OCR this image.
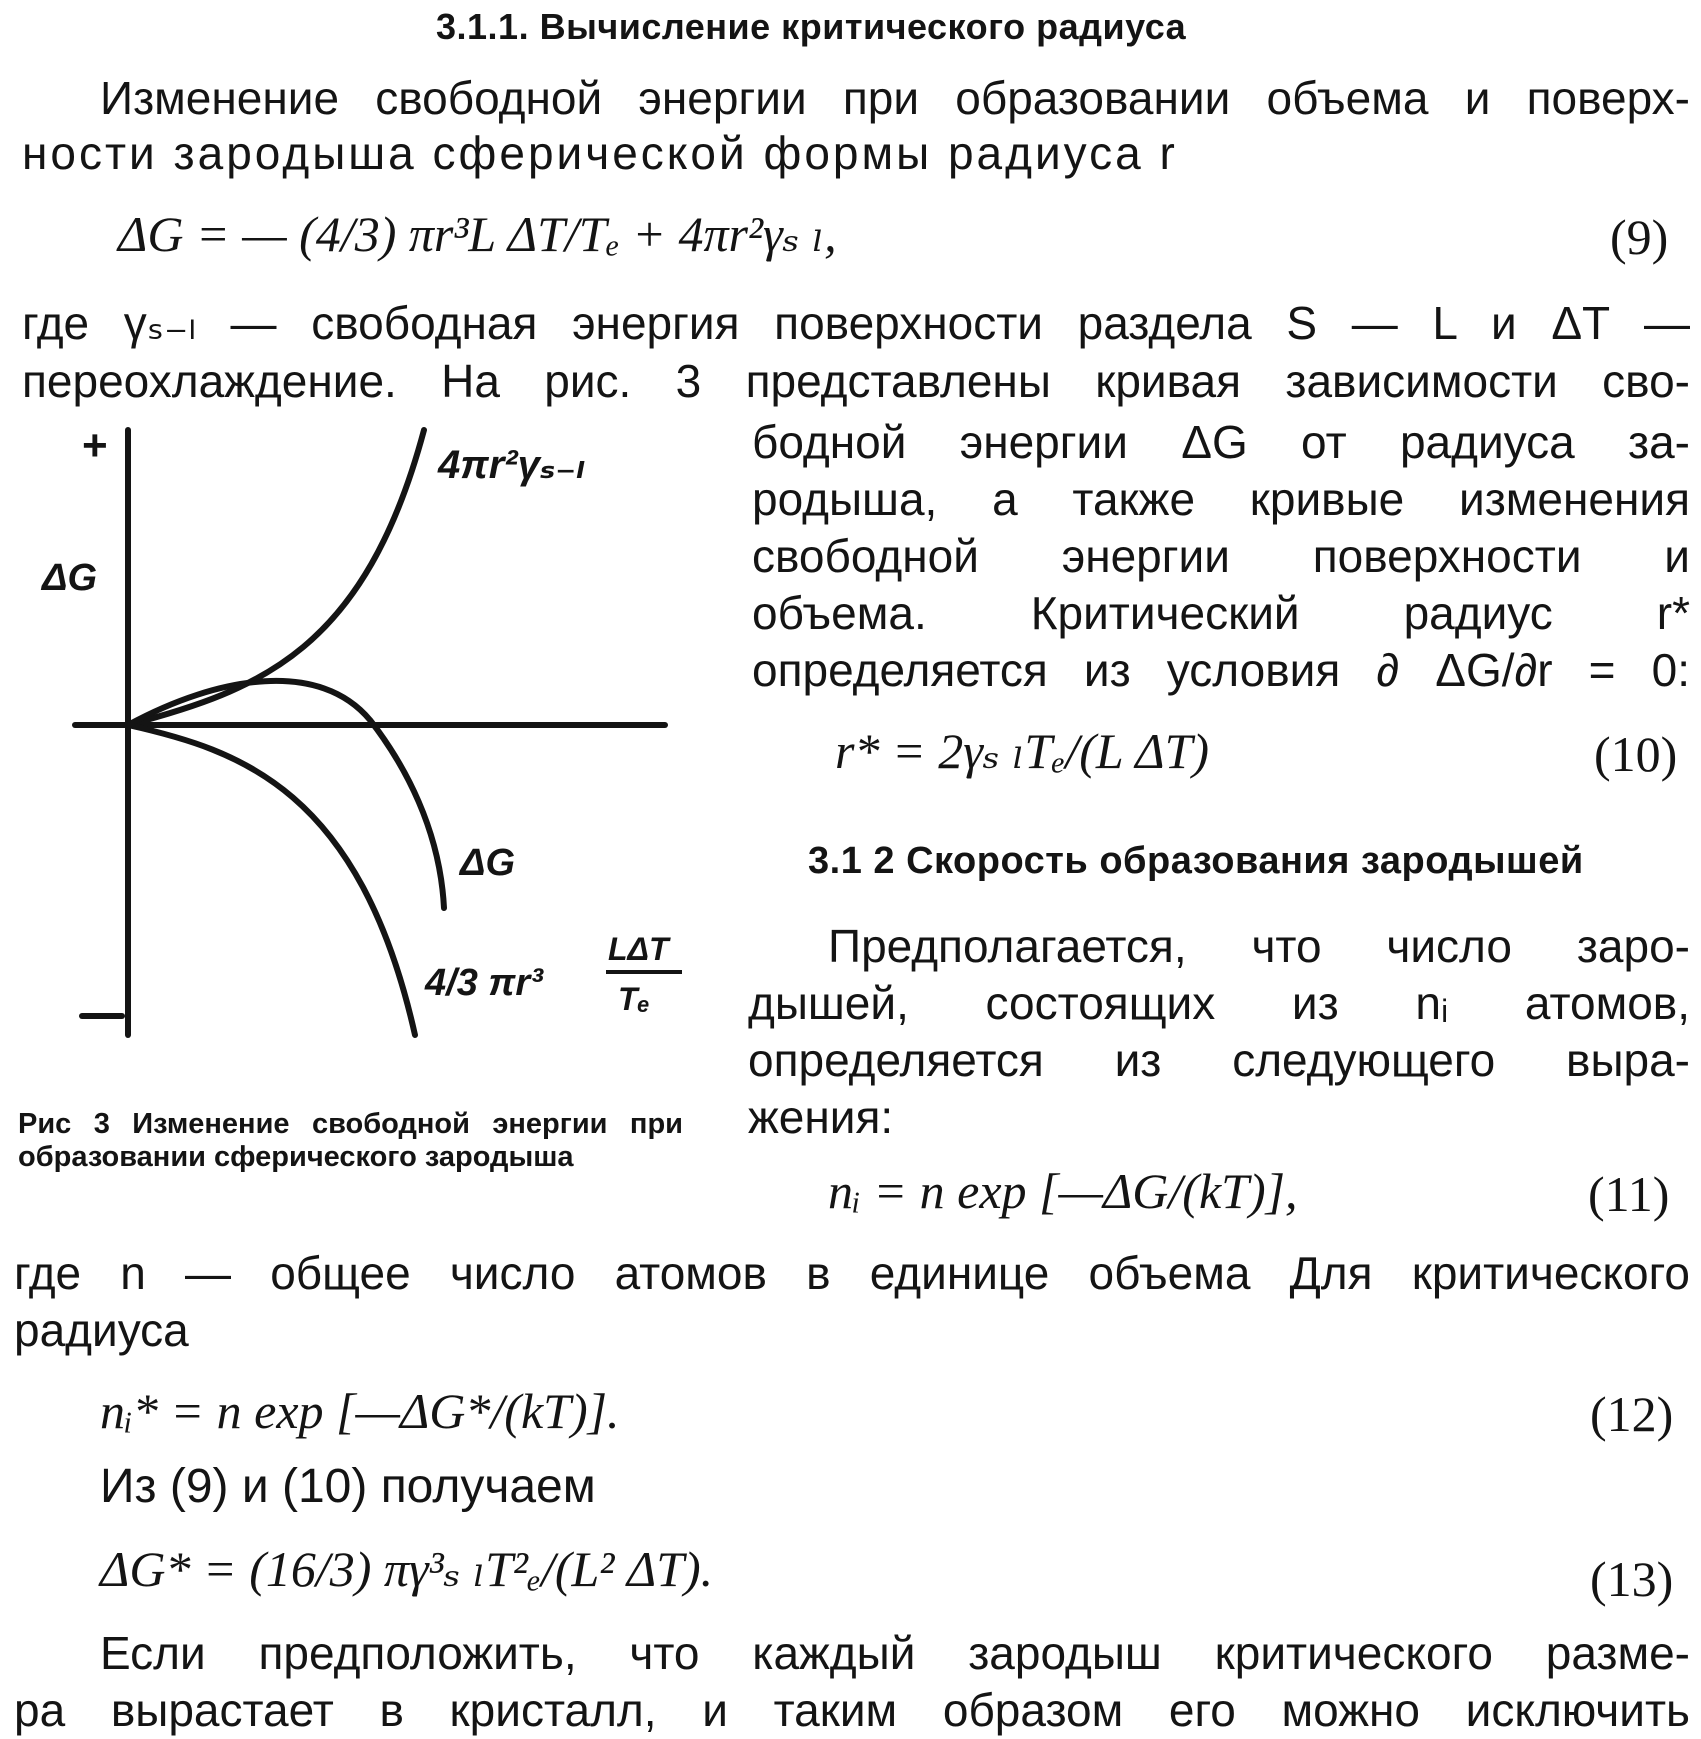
3.1.1. Вычисление критического радиуса
Изменение свободной энергии при образовании объема и поверх-
ности зародыша сферической формы радиуса r
ΔG = — (4/3) πr³L ΔT/Tₑ + 4πr²γₛ ₗ,	(9)
где γₛ₋ₗ — свободная энергия поверхности раздела S — L и ΔT —
переохлаждение. На рис. 3 представлены кривая зависимости сво-
бодной энергии ΔG от радиуса за-
родыша, а также кривые изменения
свободной энергии поверхности и
объема. Критический радиус r*
определяется из условия ∂ ΔG/∂r = 0:
r* = 2γₛ ₗTₑ/(L ΔT)	(10)
3.1 2 Скорость образования зародышей
Предполагается, что число заро-
дышей, состоящих из nᵢ атомов,
определяется из следующего выра-
жения:
nᵢ = n exp [—ΔG/(kT)],	(11)
+
−
ΔG
4πr²γₛ₋ₗ
ΔG
4/3 πr³
LΔT
Tₑ
Рис 3 Изменение свободной энергии при образовании сферического зародыша
где n — общее число атомов в единице объема Для критического
радиуса
nᵢ* = n exp [—ΔG*/(kT)].	(12)
Из (9) и (10) получаем
ΔG* = (16/3) πγ³ₛ ₗT²ₑ/(L² ΔT).	(13)
Если предположить, что каждый зародыш критического разме-
ра вырастает в кристалл, и таким образом его можно исключить
